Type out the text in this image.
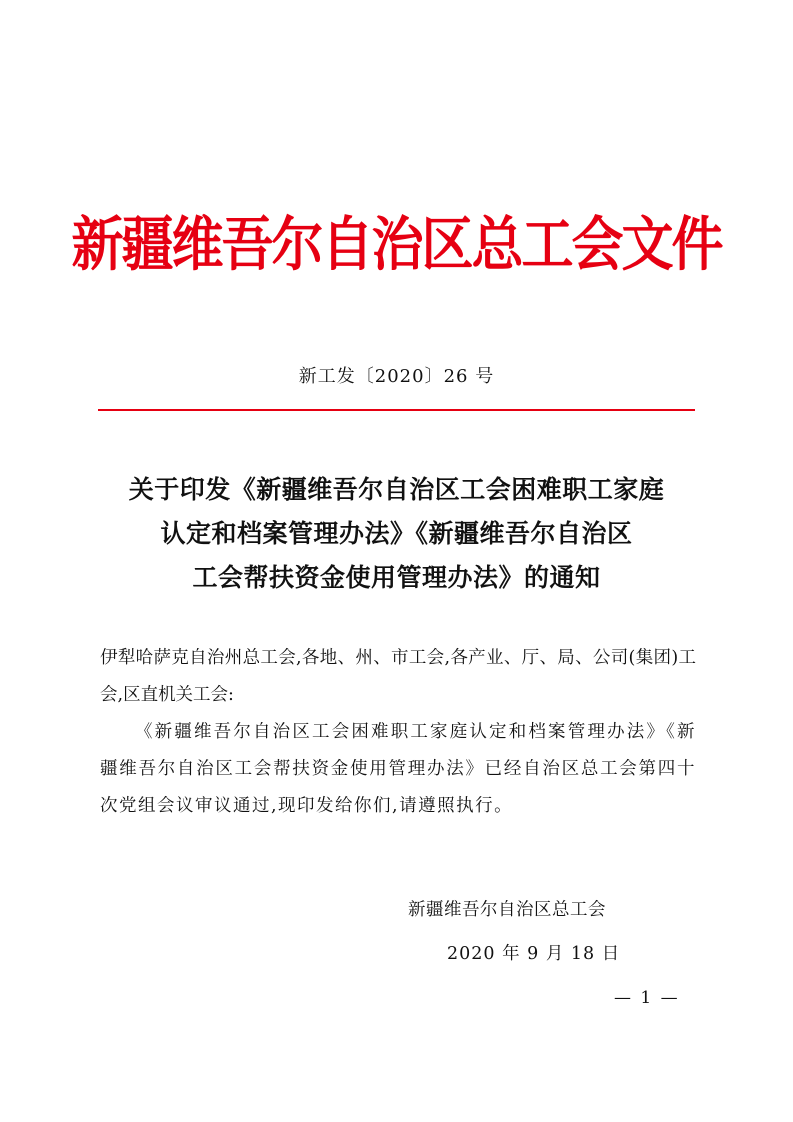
新疆维吾尔自治区总工会文件
新工发〔2020〕26 号
关于印发《新疆维吾尔自治区工会困难职工家庭
认定和档案管理办法》《新疆维吾尔自治区
工会帮扶资金使用管理办法》的通知

伊犁哈萨克自治州总工会,各地、州、市工会,各产业、厅、局、公司(集团)工会,区直机关工会:

《新疆维吾尔自治区工会困难职工家庭认定和档案管理办法》《新疆维吾尔自治区工会帮扶资金使用管理办法》已经自治区总工会第四十次党组会议审议通过,现印发给你们,请遵照执行。

新疆维吾尔自治区总工会
2020 年 9 月 18 日
— 1 —
